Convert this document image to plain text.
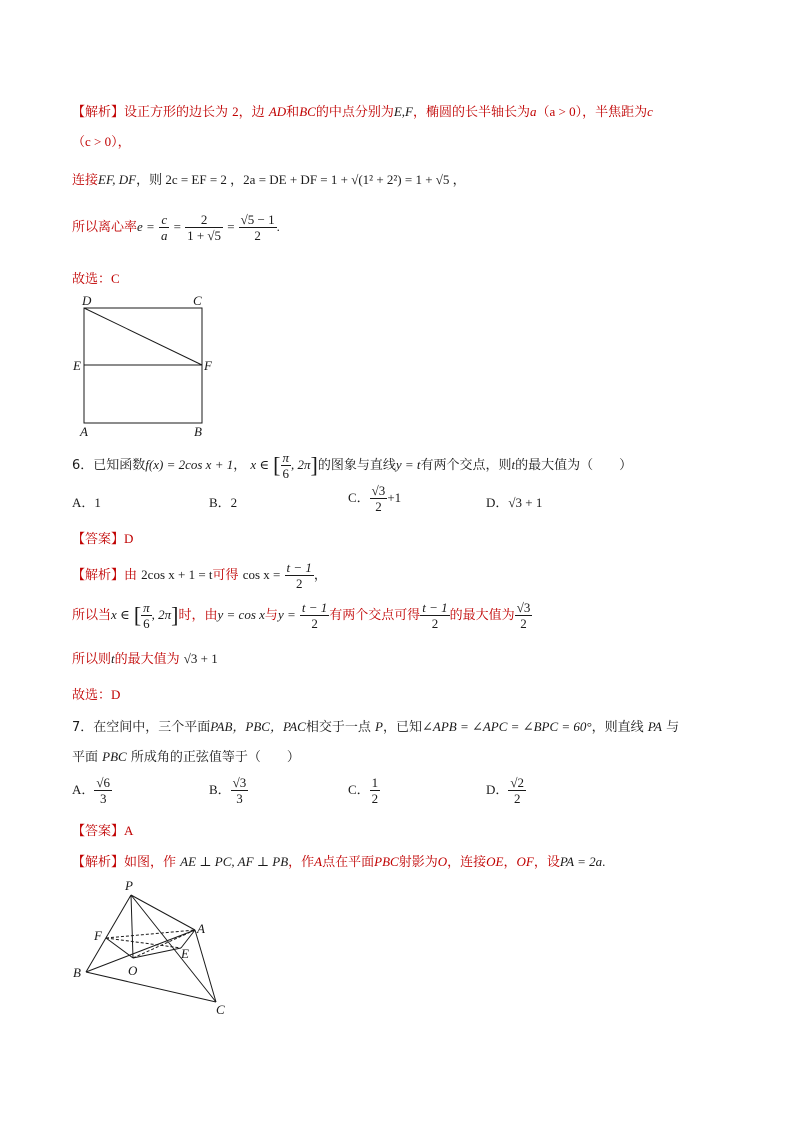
【解析】设正方形的边长为 2，边 AD和BC的中点分别为E,F，椭圆的长半轴长为a（a > 0），半焦距为c
（c > 0），
连接EF, DF，则 2c = EF = 2 ，2a = DE + DF = 1 + √(1² + 2²) = 1 + √5 ，
所以离心率$e = \frac{c}{a} = \frac{2}{1 + √5} = \frac{√5 - 1}{2}$ .
故选：C
D	C
E	F
A	B
6．已知函数f(x) = 2cos x + 1， x ∈ [ $\frac{\pi}{6}$ , 2π]的图象与直线y = t有两个交点，则t的最大值为（　　）
A．1	B．2	C． $\frac{√3}{2} +1$	D．√3 + 1
【答案】D
【解析】由 2cos x + 1 = t可得 $\cos x = \frac{t - 1}{2}$ ，
所以当x ∈ [ $\frac{\pi}{6}$ , 2π]时，由y = cos x与$y = \frac{t - 1}{2}$ 有两个交点可得 $\frac{t - 1}{2}$ 的最大值为 $\frac{√3}{2}$
所以则t的最大值为 √3 + 1
故选：D
7．在空间中，三个平面PAB，PBC，PAC相交于一点 P，已知∠APB = ∠APC = ∠BPC = 60°，则直线 PA 与
平面 PBC 所成角的正弦值等于（　　）
A． $\frac{√6}{3}$	B． $\frac{√3}{3}$	C． $\frac{1}{2}$	D． $\frac{√2}{2}$
【答案】A
【解析】如图，作 AE ⊥ PC, AF ⊥ PB，作A点在平面PBC射影为O，连接OE，OF，设PA = 2a.
P
A
F
E
B	O
C
